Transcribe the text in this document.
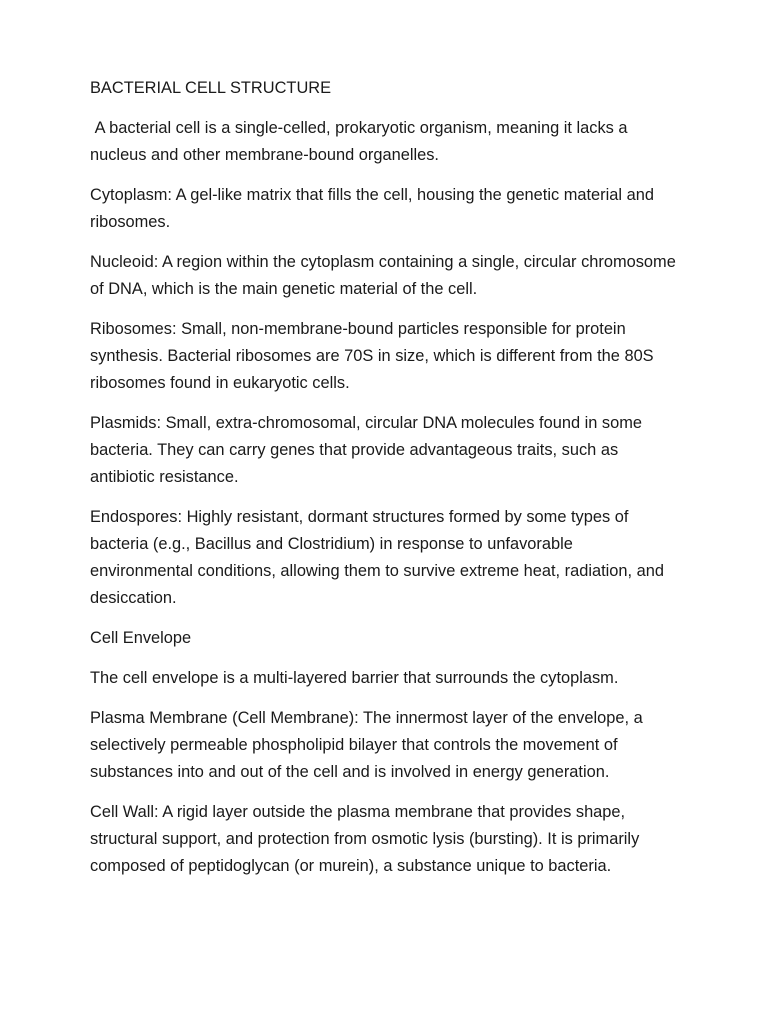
BACTERIAL CELL STRUCTURE

A bacterial cell is a single-celled, prokaryotic organism, meaning it lacks a nucleus and other membrane-bound organelles.

Cytoplasm: A gel-like matrix that fills the cell, housing the genetic material and ribosomes.

Nucleoid: A region within the cytoplasm containing a single, circular chromosome of DNA, which is the main genetic material of the cell.

Ribosomes: Small, non-membrane-bound particles responsible for protein synthesis. Bacterial ribosomes are 70S in size, which is different from the 80S ribosomes found in eukaryotic cells.

Plasmids: Small, extra-chromosomal, circular DNA molecules found in some bacteria. They can carry genes that provide advantageous traits, such as antibiotic resistance.

Endospores: Highly resistant, dormant structures formed by some types of bacteria (e.g., Bacillus and Clostridium) in response to unfavorable environmental conditions, allowing them to survive extreme heat, radiation, and desiccation.

Cell Envelope

The cell envelope is a multi-layered barrier that surrounds the cytoplasm.

Plasma Membrane (Cell Membrane): The innermost layer of the envelope, a selectively permeable phospholipid bilayer that controls the movement of substances into and out of the cell and is involved in energy generation.

Cell Wall: A rigid layer outside the plasma membrane that provides shape, structural support, and protection from osmotic lysis (bursting). It is primarily composed of peptidoglycan (or murein), a substance unique to bacteria.
